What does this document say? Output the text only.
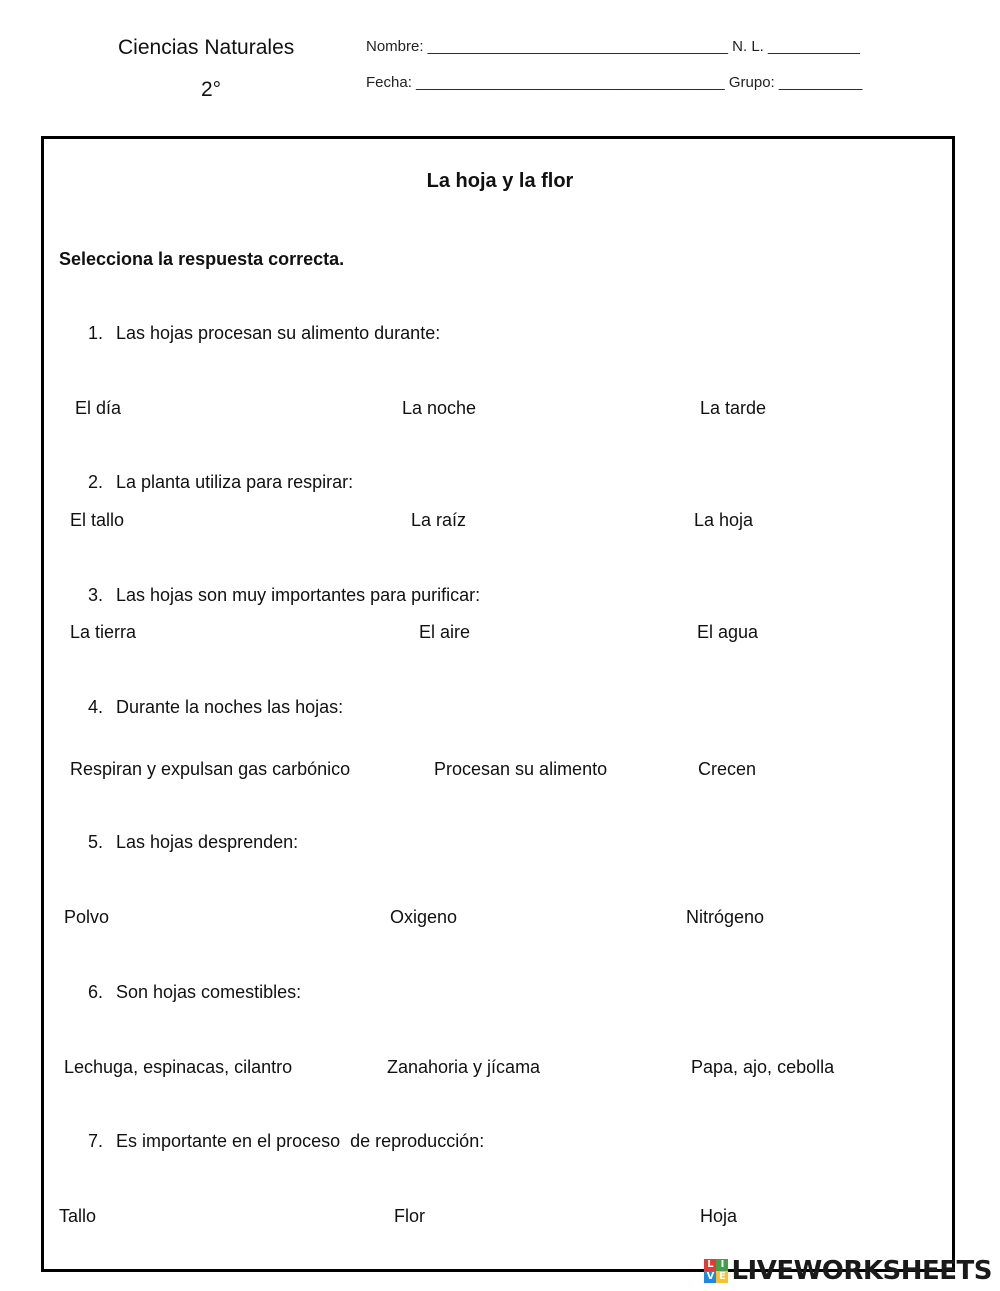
Ciencias Naturales
2°
Nombre: ____________________________________ N. L. ___________
Fecha: _____________________________________ Grupo: __________
La hoja y la flor
Selecciona la respuesta correcta.
1. Las hojas procesan su alimento durante:
El día	La noche	La tarde
2. La planta utiliza para respirar:
El tallo	La raíz	La hoja
3. Las hojas son muy importantes para purificar:
La tierra	El aire	El agua
4. Durante la noches las hojas:
Respiran y expulsan gas carbónico	Procesan su alimento	Crecen
5. Las hojas desprenden:
Polvo	Oxigeno	Nitrógeno
6. Son hojas comestibles:
Lechuga, espinacas, cilantro	Zanahoria y jícama	Papa, ajo, cebolla
7. Es importante en el proceso  de reproducción:
Tallo	Flor	Hoja
L I
V E LIVEWORKSHEETS
